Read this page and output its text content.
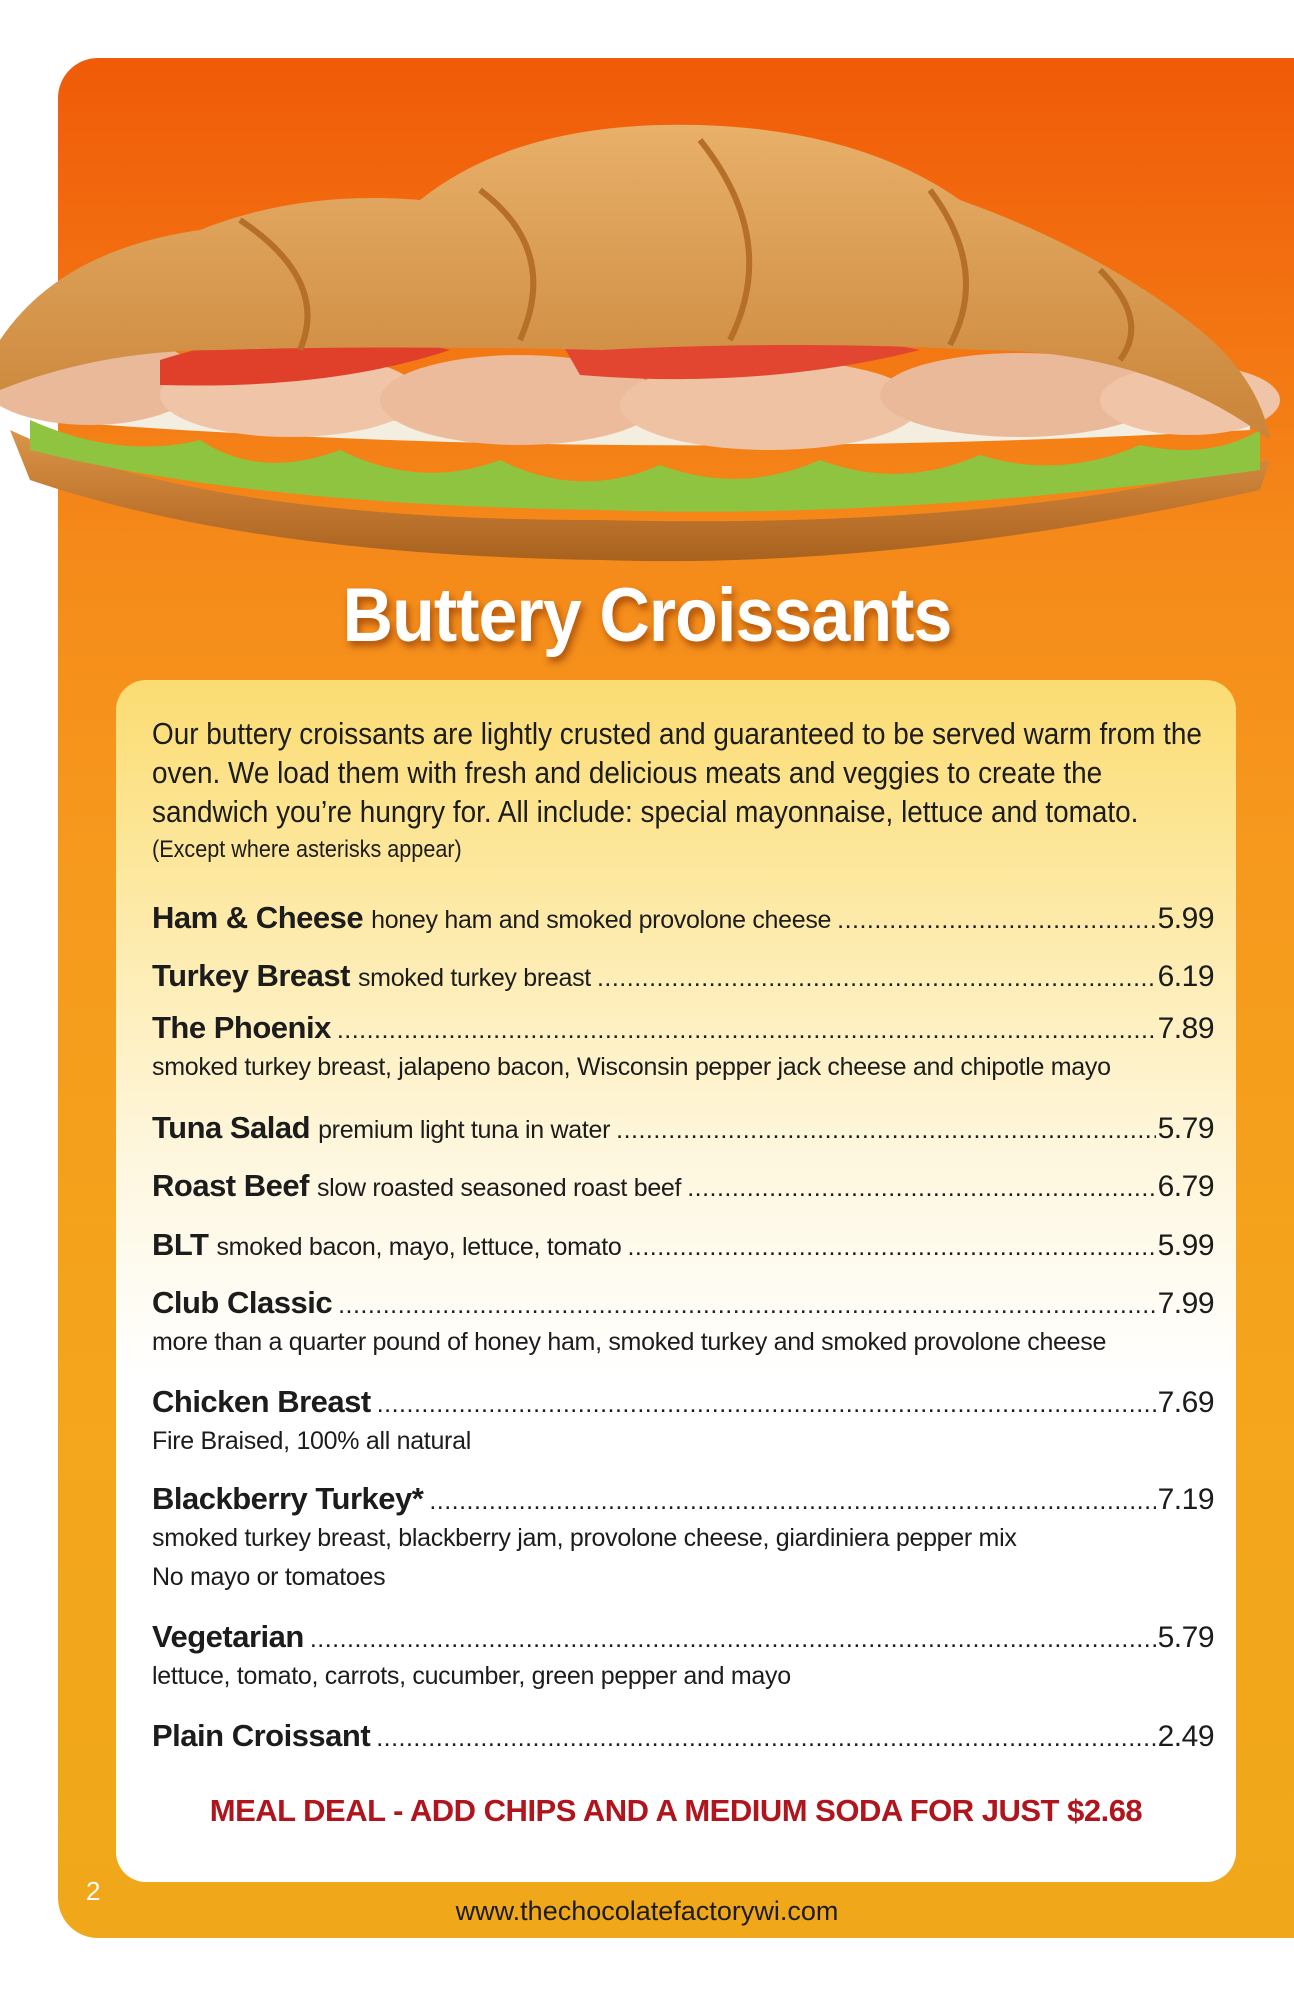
Buttery Croissants
Our buttery croissants are lightly crusted and guaranteed to be served warm from the oven. We load them with fresh and delicious meats and veggies to create the sandwich you’re hungry for. All include: special mayonnaise, lettuce and tomato.
(Except where asterisks appear)
Ham & Cheese honey ham and smoked provolone cheese .....	5.99
Turkey Breast smoked turkey breast .....	6.19
The Phoenix .....	7.89
smoked turkey breast, jalapeno bacon, Wisconsin pepper jack cheese and chipotle mayo
Tuna Salad premium light tuna in water .....	5.79
Roast Beef slow roasted seasoned roast beef .....	6.79
BLT smoked bacon, mayo, lettuce, tomato .....	5.99
Club Classic .....	7.99
more than a quarter pound of honey ham, smoked turkey and smoked provolone cheese
Chicken Breast .....	7.69
Fire Braised, 100% all natural
Blackberry Turkey* .....	7.19
smoked turkey breast, blackberry jam, provolone cheese, giardiniera pepper mix
No mayo or tomatoes
Vegetarian .....	5.79
lettuce, tomato, carrots, cucumber, green pepper and mayo
Plain Croissant .....	2.49
MEAL DEAL - ADD CHIPS AND A MEDIUM SODA FOR JUST $2.68
2
www.thechocolatefactorywi.com
